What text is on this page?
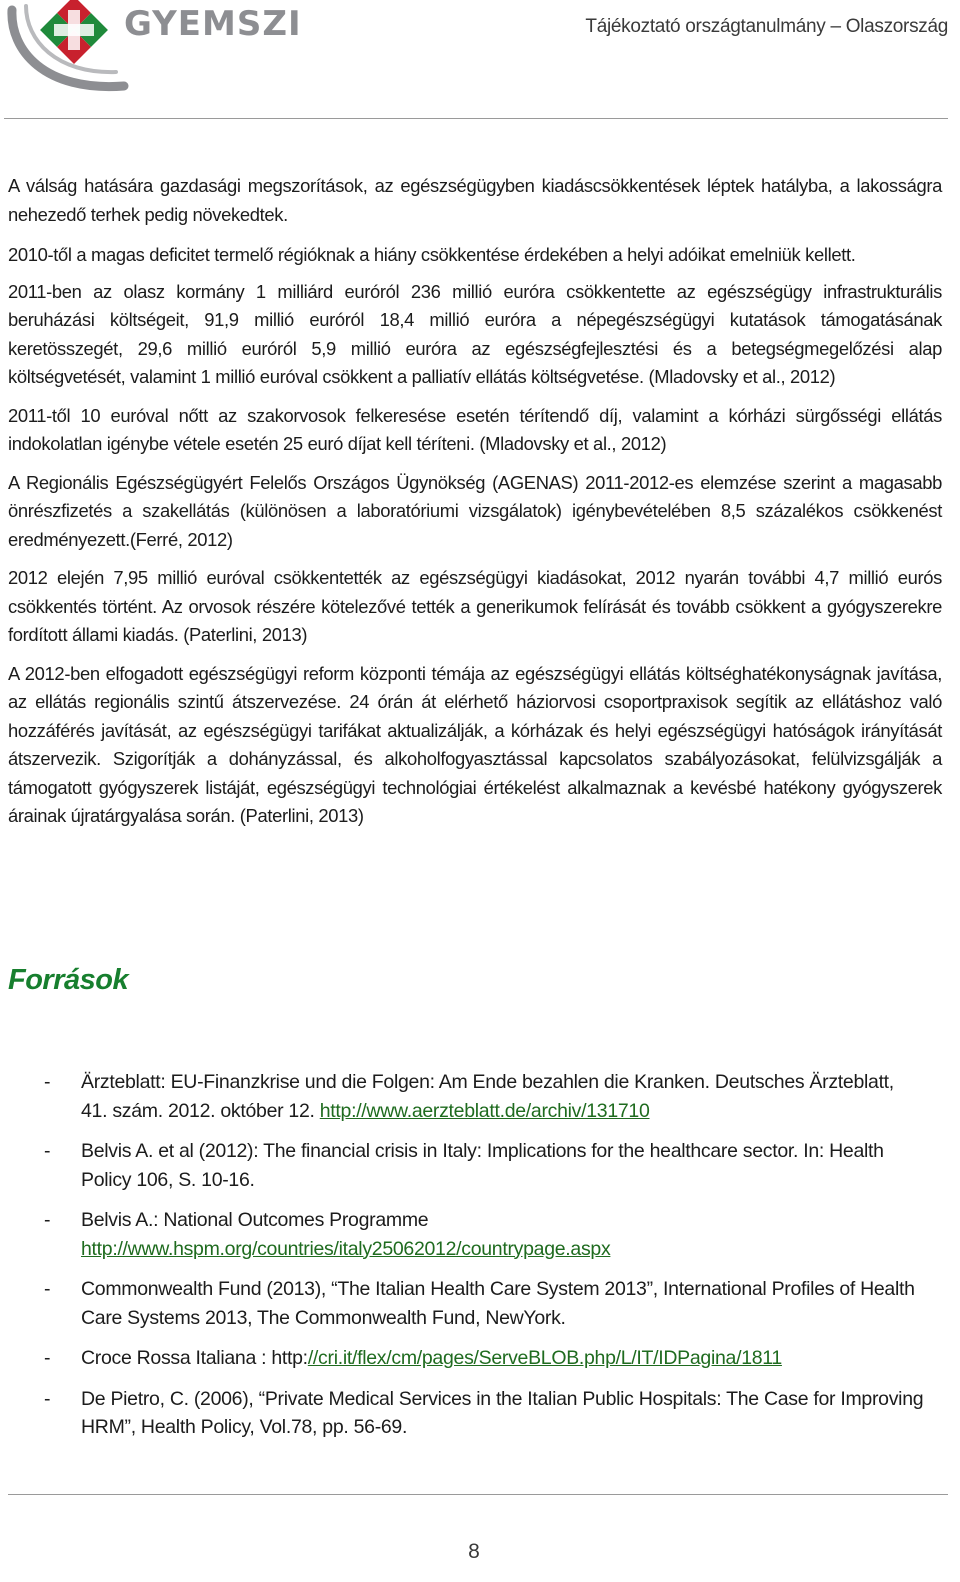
GYEMSZI	Tájékoztató országtanulmány – Olaszország

A válság hatására gazdasági megszorítások, az egészségügyben kiadáscsökkentések léptek hatályba, a lakosságra nehezedő terhek pedig növekedtek.

2010-től a magas deficitet termelő régióknak a hiány csökkentése érdekében a helyi adóikat emelniük kellett.

2011-ben az olasz kormány 1 milliárd euróról 236 millió euróra csökkentette az egészségügy infrastrukturális beruházási költségeit, 91,9 millió euróról 18,4 millió euróra a népegészségügyi kutatások támogatásának keretösszegét, 29,6 millió euróról 5,9 millió euróra az egészségfejlesztési és a betegségmegelőzési alap költségvetését, valamint 1 millió euróval csökkent a palliatív ellátás költségvetése. (Mladovsky et al., 2012)

2011-től 10 euróval nőtt az szakorvosok felkeresése esetén térítendő díj, valamint a kórházi sürgősségi ellátás indokolatlan igénybe vétele esetén 25 euró díjat kell téríteni. (Mladovsky et al., 2012)

A Regionális Egészségügyért Felelős Országos Ügynökség (AGENAS) 2011-2012-es elemzése szerint a magasabb önrészfizetés a szakellátás (különösen a laboratóriumi vizsgálatok) igénybevételében 8,5 százalékos csökkenést eredményezett.(Ferré, 2012)

2012 elején 7,95 millió euróval csökkentették az egészségügyi kiadásokat, 2012 nyarán további 4,7 millió eurós csökkentés történt. Az orvosok részére kötelezővé tették a generikumok felírását és tovább csökkent a gyógyszerekre fordított állami kiadás. (Paterlini, 2013)

A 2012-ben elfogadott egészségügyi reform központi témája az egészségügyi ellátás költséghatékonyságnak javítása, az ellátás regionális szintű átszervezése. 24 órán át elérhető háziorvosi csoportpraxisok segítik az ellátáshoz való hozzáférés javítását, az egészségügyi tarifákat aktualizálják, a kórházak és helyi egészségügyi hatóságok irányítását átszervezik. Szigorítják a dohányzással, és alkoholfogyasztással kapcsolatos szabályozásokat, felülvizsgálják a támogatott gyógyszerek listáját, egészségügyi technológiai értékelést alkalmaznak a kevésbé hatékony gyógyszerek árainak újratárgyalása során. (Paterlini, 2013)

Források
- Ärzteblatt: EU-Finanzkrise und die Folgen: Am Ende bezahlen die Kranken. Deutsches Ärzteblatt, 41. szám. 2012. október 12. http://www.aerzteblatt.de/archiv/131710
- Belvis A. et al (2012): The financial crisis in Italy: Implications for the healthcare sector. In: Health Policy 106, S. 10-16.
- Belvis A.: National Outcomes Programme
http://www.hspm.org/countries/italy25062012/countrypage.aspx
- Commonwealth Fund (2013), “The Italian Health Care System 2013”, International Profiles of Health Care Systems 2013, The Commonwealth Fund, NewYork.
- Croce Rossa Italiana : http://cri.it/flex/cm/pages/ServeBLOB.php/L/IT/IDPagina/1811
- De Pietro, C. (2006), “Private Medical Services in the Italian Public Hospitals: The Case for Improving HRM”, Health Policy, Vol.78, pp. 56-69.
8
